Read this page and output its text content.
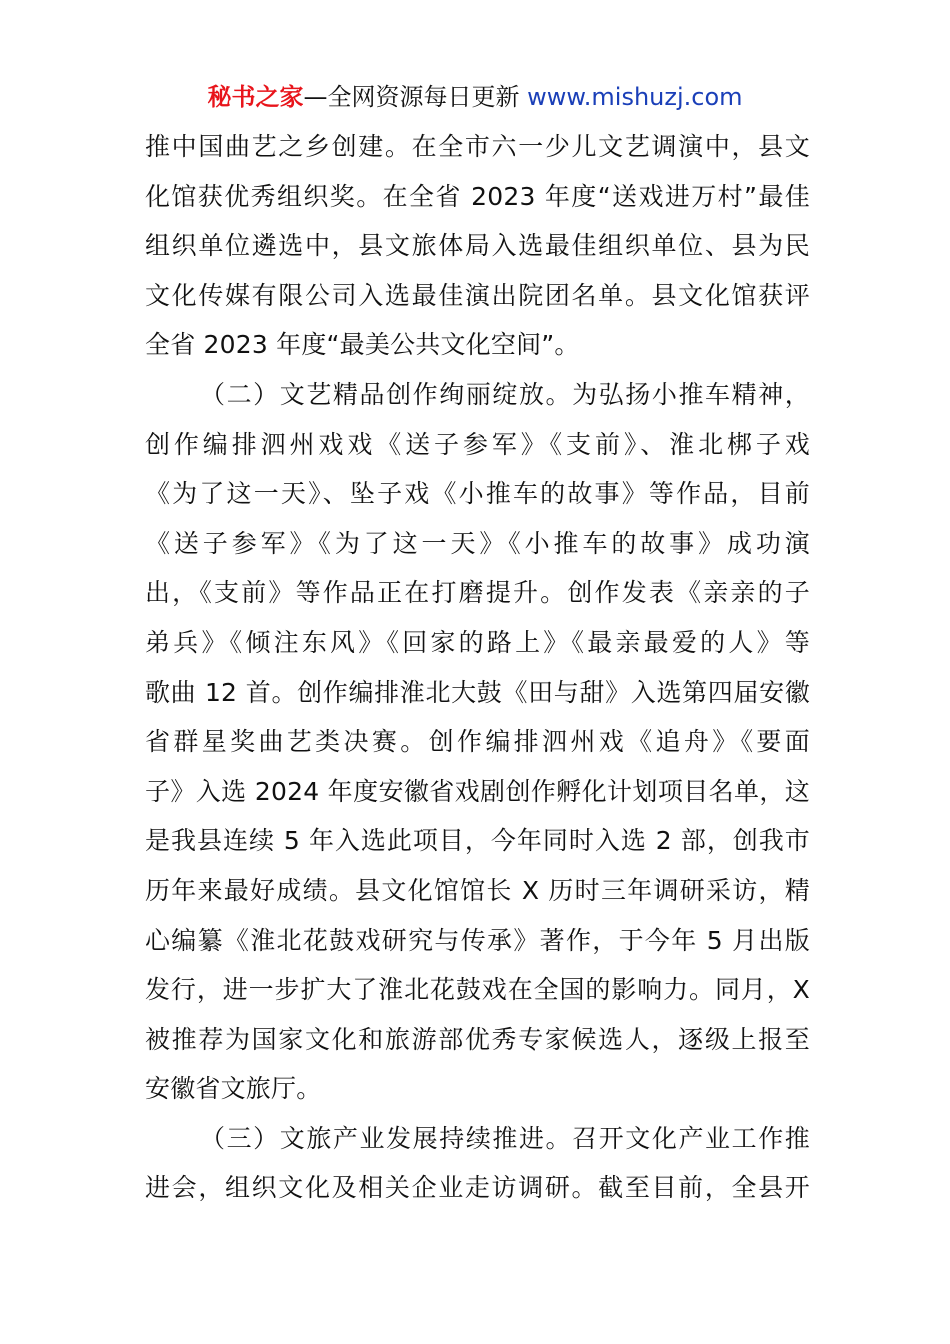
秘书之家—全网资源每日更新 www.mishuzj.com
推中国曲艺之乡创建。在全市六一少儿文艺调演中，县文
化馆获优秀组织奖。在全省 2023 年度“送戏进万村”最佳
组织单位遴选中，县文旅体局入选最佳组织单位、县为民
文化传媒有限公司入选最佳演出院团名单。县文化馆获评
全省 2023 年度“最美公共文化空间”。
（二）文艺精品创作绚丽绽放。为弘扬小推车精神，
创作编排泗州戏戏《送子参军》《支前》、淮北梆子戏
《为了这一天》、坠子戏《小推车的故事》等作品，目前
《送子参军》《为了这一天》《小推车的故事》成功演
出，《支前》等作品正在打磨提升。创作发表《亲亲的子
弟兵》《倾注东风》《回家的路上》《最亲最爱的人》等
歌曲 12 首。创作编排淮北大鼓《田与甜》入选第四届安徽
省群星奖曲艺类决赛。创作编排泗州戏《追舟》《要面
子》入选 2024 年度安徽省戏剧创作孵化计划项目名单，这
是我县连续 5 年入选此项目，今年同时入选 2 部，创我市
历年来最好成绩。县文化馆馆长 X 历时三年调研采访，精
心编纂《淮北花鼓戏研究与传承》著作，于今年 5 月出版
发行，进一步扩大了淮北花鼓戏在全国的影响力。同月，X
被推荐为国家文化和旅游部优秀专家候选人，逐级上报至
安徽省文旅厅。
（三）文旅产业发展持续推进。召开文化产业工作推
进会，组织文化及相关企业走访调研。截至目前，全县开
